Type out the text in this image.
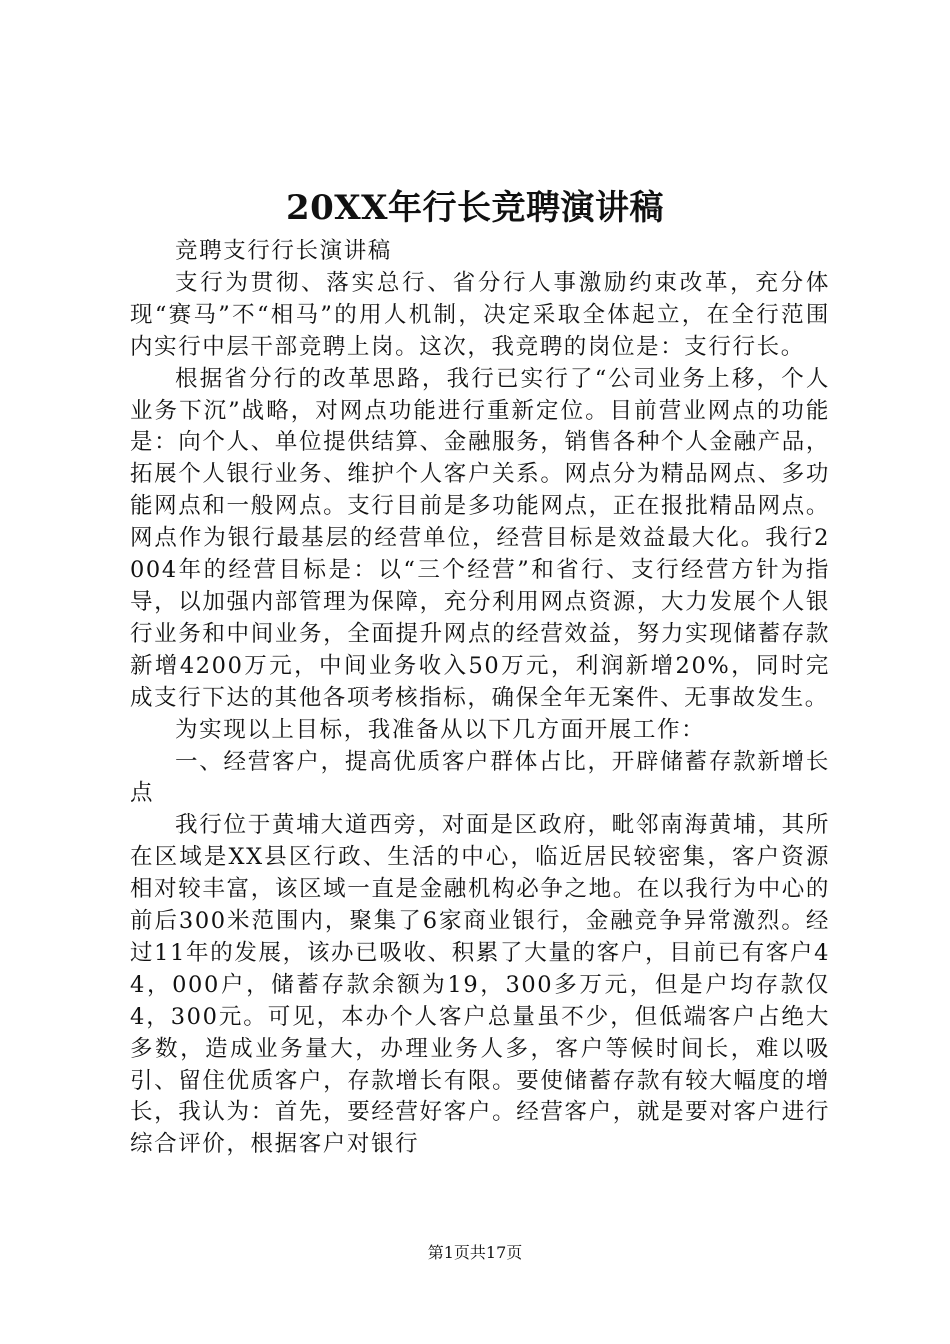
20XX年行长竞聘演讲稿

竞聘支行行长演讲稿

支行为贯彻、落实总行、省分行人事激励约束改革，充分体现“赛马”不“相马”的用人机制，决定采取全体起立，在全行范围内实行中层干部竞聘上岗。这次，我竞聘的岗位是：支行行长。

根据省分行的改革思路，我行已实行了“公司业务上移，个人业务下沉”战略，对网点功能进行重新定位。目前营业网点的功能是：向个人、单位提供结算、金融服务，销售各种个人金融产品，拓展个人银行业务、维护个人客户关系。网点分为精品网点、多功能网点和一般网点。支行目前是多功能网点，正在报批精品网点。网点作为银行最基层的经营单位，经营目标是效益最大化。我行2004年的经营目标是：以“三个经营”和省行、支行经营方针为指导，以加强内部管理为保障，充分利用网点资源，大力发展个人银行业务和中间业务，全面提升网点的经营效益，努力实现储蓄存款新增4200万元，中间业务收入50万元，利润新增20%，同时完成支行下达的其他各项考核指标，确保全年无案件、无事故发生。

为实现以上目标，我准备从以下几方面开展工作：

一、经营客户，提高优质客户群体占比，开辟储蓄存款新增长点

我行位于黄埔大道西旁，对面是区政府，毗邻南海黄埔，其所在区域是XX县区行政、生活的中心，临近居民较密集，客户资源相对较丰富，该区域一直是金融机构必争之地。在以我行为中心的前后300米范围内，聚集了6家商业银行，金融竞争异常激烈。经过11年的发展，该办已吸收、积累了大量的客户，目前已有客户44，000户，储蓄存款余额为19，300多万元，但是户均存款仅4，300元。可见，本办个人客户总量虽不少，但低端客户占绝大多数，造成业务量大，办理业务人多，客户等候时间长，难以吸引、留住优质客户，存款增长有限。要使储蓄存款有较大幅度的增长，我认为：首先，要经营好客户。经营客户，就是要对客户进行综合评价，根据客户对银行

第1页共17页
